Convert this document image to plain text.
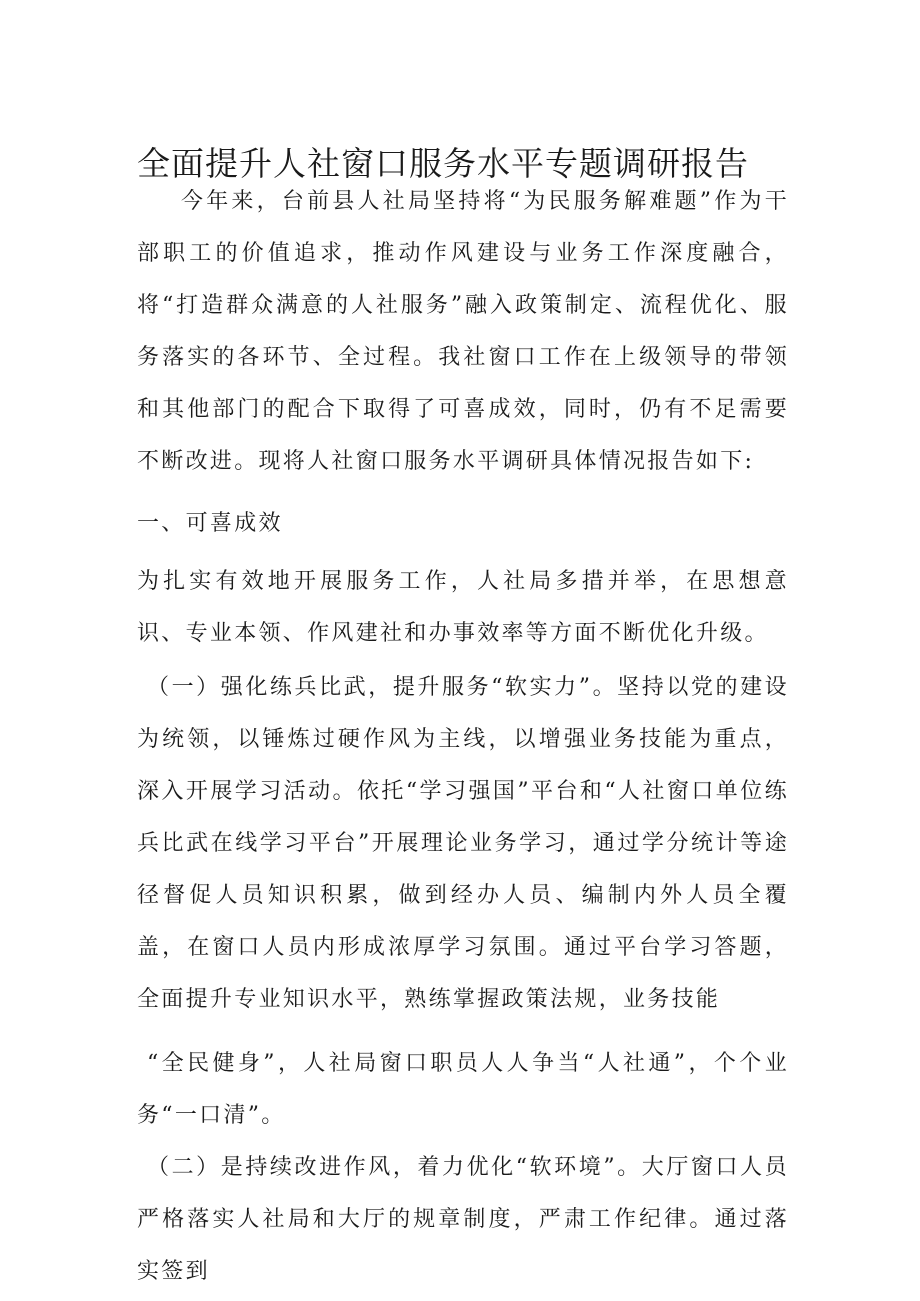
全面提升人社窗口服务水平专题调研报告

今年来，台前县人社局坚持将“为民服务解难题”作为干部职工的价值追求，推动作风建设与业务工作深度融合，将“打造群众满意的人社服务”融入政策制定、流程优化、服务落实的各环节、全过程。我社窗口工作在上级领导的带领和其他部门的配合下取得了可喜成效，同时，仍有不足需要不断改进。现将人社窗口服务水平调研具体情况报告如下:

一、可喜成效

为扎实有效地开展服务工作，人社局多措并举，在思想意识、专业本领、作风建社和办事效率等方面不断优化升级。

（一）强化练兵比武，提升服务“软实力”。坚持以党的建设为统领，以锤炼过硬作风为主线，以增强业务技能为重点，深入开展学习活动。依托“学习强国”平台和“人社窗口单位练兵比武在线学习平台”开展理论业务学习，通过学分统计等途径督促人员知识积累，做到经办人员、编制内外人员全覆盖，在窗口人员内形成浓厚学习氛围。通过平台学习答题，全面提升专业知识水平，熟练掌握政策法规，业务技能

“全民健身”，人社局窗口职员人人争当“人社通”，个个业务“一口清”。

（二）是持续改进作风，着力优化“软环境”。大厅窗口人员严格落实人社局和大厅的规章制度，严肃工作纪律。通过落实签到
